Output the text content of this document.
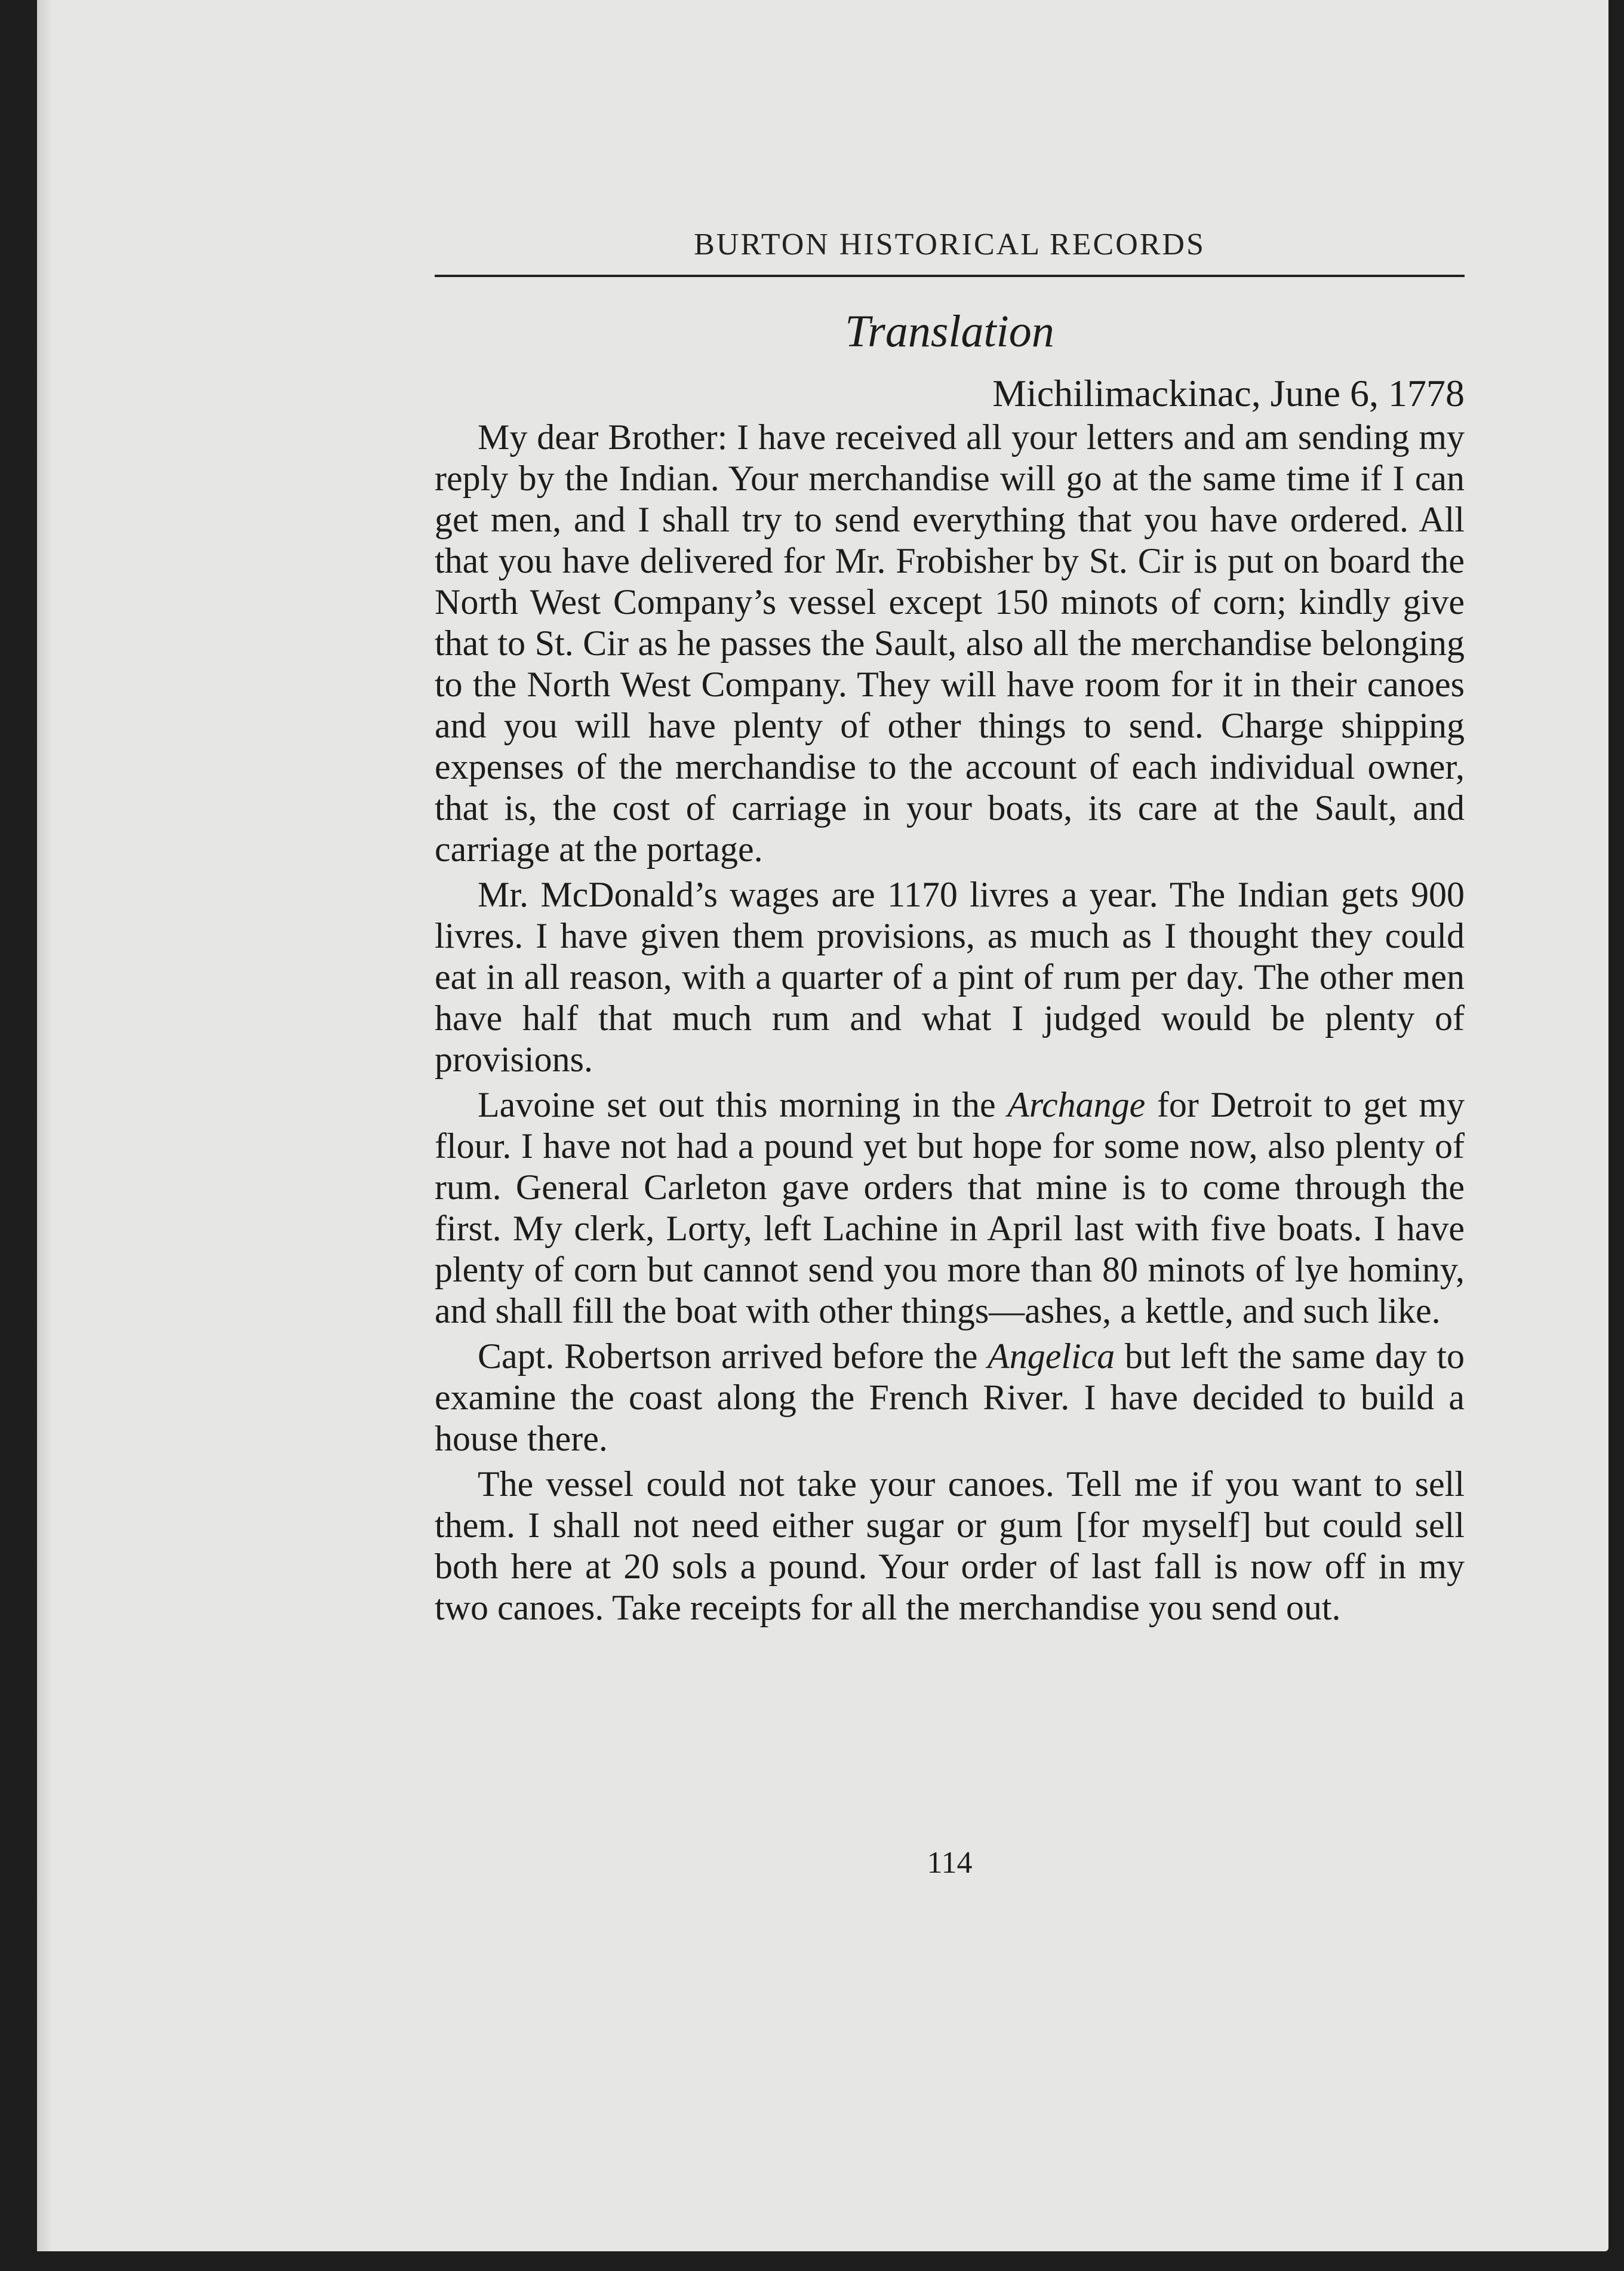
BURTON HISTORICAL RECORDS
Translation
Michilimackinac, June 6, 1778

My dear Brother: I have received all your letters and am sending my reply by the Indian. Your merchandise will go at the same time if I can get men, and I shall try to send everything that you have ordered. All that you have delivered for Mr. Frobisher by St. Cir is put on board the North West Company’s vessel except 150 minots of corn; kindly give that to St. Cir as he passes the Sault, also all the merchandise belonging to the North West Company. They will have room for it in their canoes and you will have plenty of other things to send. Charge shipping expenses of the merchandise to the account of each individual owner, that is, the cost of carriage in your boats, its care at the Sault, and carriage at the portage.

Mr. McDonald’s wages are 1170 livres a year. The Indian gets 900 livres. I have given them provisions, as much as I thought they could eat in all reason, with a quarter of a pint of rum per day. The other men have half that much rum and what I judged would be plenty of provisions.

Lavoine set out this morning in the Archange for Detroit to get my flour. I have not had a pound yet but hope for some now, also plenty of rum. General Carleton gave orders that mine is to come through the first. My clerk, Lorty, left Lachine in April last with five boats. I have plenty of corn but cannot send you more than 80 minots of lye hominy, and shall fill the boat with other things—ashes, a kettle, and such like.

Capt. Robertson arrived before the Angelica but left the same day to examine the coast along the French River. I have decided to build a house there.

The vessel could not take your canoes. Tell me if you want to sell them. I shall not need either sugar or gum [for myself] but could sell both here at 20 sols a pound. Your order of last fall is now off in my two canoes. Take receipts for all the merchandise you send out.

114
